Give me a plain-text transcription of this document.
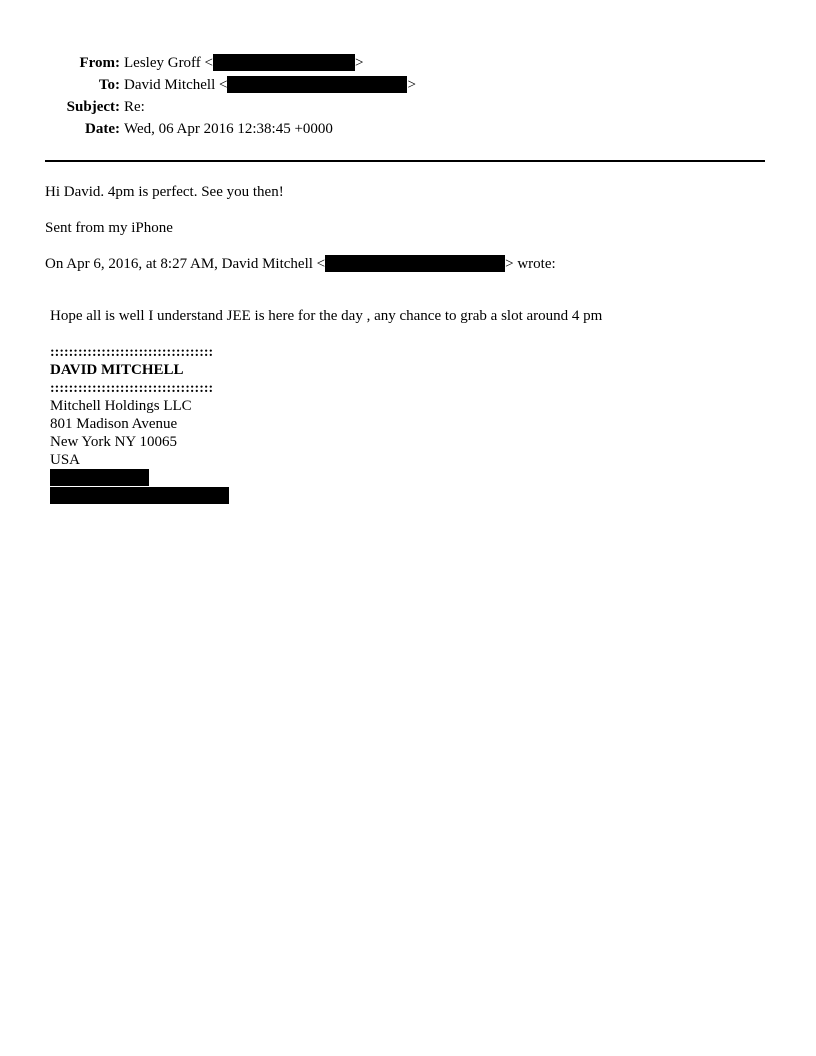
From: Lesley Groff <	>
To: David Mitchell <	>
Subject: Re:
Date: Wed, 06 Apr 2016 12:38:45 +0000
Hi David. 4pm is perfect. See you then!
Sent from my iPhone
On Apr 6, 2016, at 8:27 AM, David Mitchell <	> wrote:
Hope all is well I understand JEE is here for the day , any chance to grab a slot around 4 pm
:::::::::::::::::::::::::::::::::::
DAVID MITCHELL
:::::::::::::::::::::::::::::::::::
Mitchell Holdings LLC
801 Madison Avenue
New York NY 10065
USA
